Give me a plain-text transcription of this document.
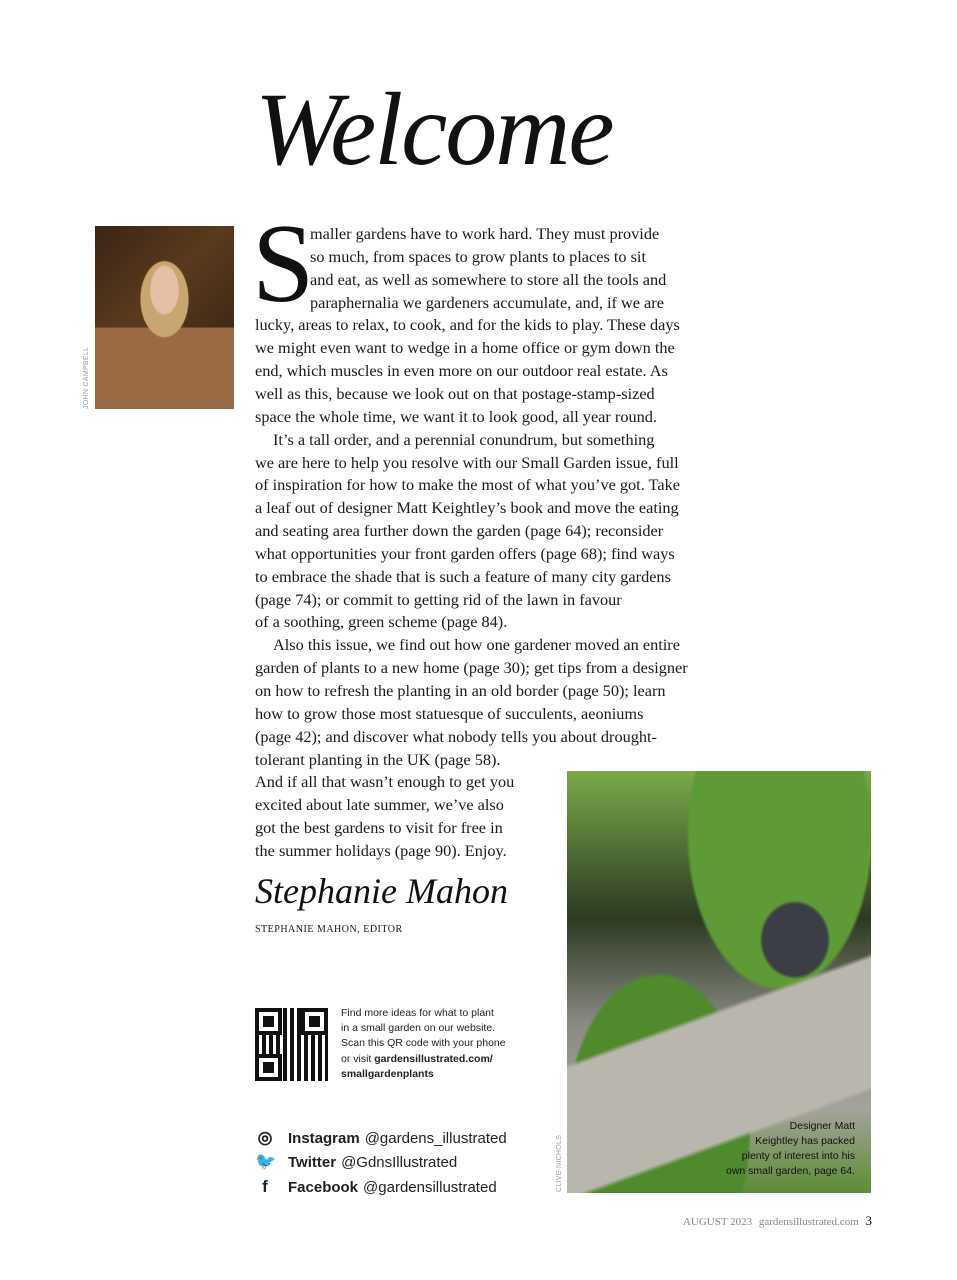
Welcome
JOHN CAMPBELL
S
maller gardens have to work hard. They must provide
so much, from spaces to grow plants to places to sit
and eat, as well as somewhere to store all the tools and
paraphernalia we gardeners accumulate, and, if we are
lucky, areas to relax, to cook, and for the kids to play. These days
we might even want to wedge in a home office or gym down the
end, which muscles in even more on our outdoor real estate. As
well as this, because we look out on that postage-stamp-sized
space the whole time, we want it to look good, all year round.
It’s a tall order, and a perennial conundrum, but something
we are here to help you resolve with our Small Garden issue, full
of inspiration for how to make the most of what you’ve got. Take
a leaf out of designer Matt Keightley’s book and move the eating
and seating area further down the garden (page 64); reconsider
what opportunities your front garden offers (page 68); find ways
to embrace the shade that is such a feature of many city gardens
(page 74); or commit to getting rid of the lawn in favour
of a soothing, green scheme (page 84).
Also this issue, we find out how one gardener moved an entire
garden of plants to a new home (page 30); get tips from a designer
on how to refresh the planting in an old border (page 50); learn
how to grow those most statuesque of succulents, aeoniums
(page 42); and discover what nobody tells you about drought-
tolerant planting in the UK (page 58).
And if all that wasn’t enough to get you
excited about late summer, we’ve also
got the best gardens to visit for free in
the summer holidays (page 90). Enjoy.
Stephanie Mahon
STEPHANIE MAHON, EDITOR
Find more ideas for what to plant
in a small garden on our website.
Scan this QR code with your phone
or visit gardensillustrated.com/
smallgardenplants
◎ Instagram @gardens_illustrated
🐦 Twitter @GdnsIllustrated
f	Facebook @gardensillustrated	CLIVE NICHOLS
Designer Matt
Keightley has packed
plenty of interest into his
own small garden, page 64.
AUGUST 2023 gardensillustrated.com 3
